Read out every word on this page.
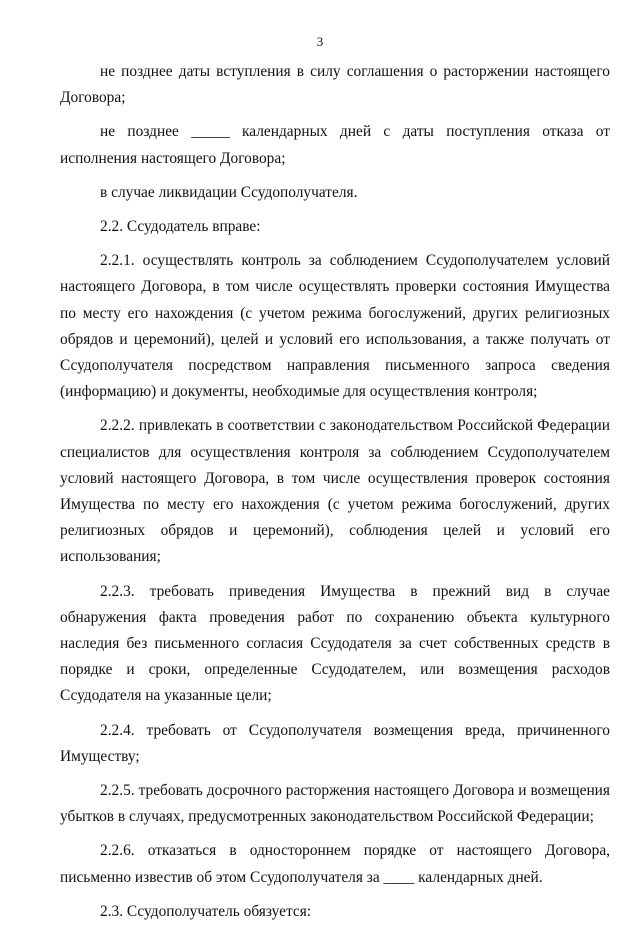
3

не позднее даты вступления в силу соглашения о расторжении настоящего Договора;

не позднее _____ календарных дней с даты поступления отказа от исполнения настоящего Договора;

в случае ликвидации Ссудополучателя.

2.2. Ссудодатель вправе:

2.2.1. осуществлять контроль за соблюдением Ссудополучателем условий настоящего Договора, в том числе осуществлять проверки состояния Имущества по месту его нахождения (с учетом режима богослужений, других религиозных обрядов и церемоний), целей и условий его использования, а также получать от Ссудополучателя посредством направления письменного запроса сведения (информацию) и документы, необходимые для осуществления контроля;

2.2.2. привлекать в соответствии с законодательством Российской Федерации специалистов для осуществления контроля за соблюдением Ссудополучателем условий настоящего Договора, в том числе осуществления проверок состояния Имущества по месту его нахождения (с учетом режима богослужений, других религиозных обрядов и церемоний), соблюдения целей и условий его использования;

2.2.3. требовать приведения Имущества в прежний вид в случае обнаружения факта проведения работ по сохранению объекта культурного наследия без письменного согласия Ссудодателя за счет собственных средств в порядке и сроки, определенные Ссудодателем, или возмещения расходов Ссудодателя на указанные цели;

2.2.4. требовать от Ссудополучателя возмещения вреда, причиненного Имуществу;

2.2.5. требовать досрочного расторжения настоящего Договора и возмещения убытков в случаях, предусмотренных законодательством Российской Федерации;

2.2.6. отказаться в одностороннем порядке от настоящего Договора, письменно известив об этом Ссудополучателя за ____ календарных дней.

2.3. Ссудополучатель обязуется:
